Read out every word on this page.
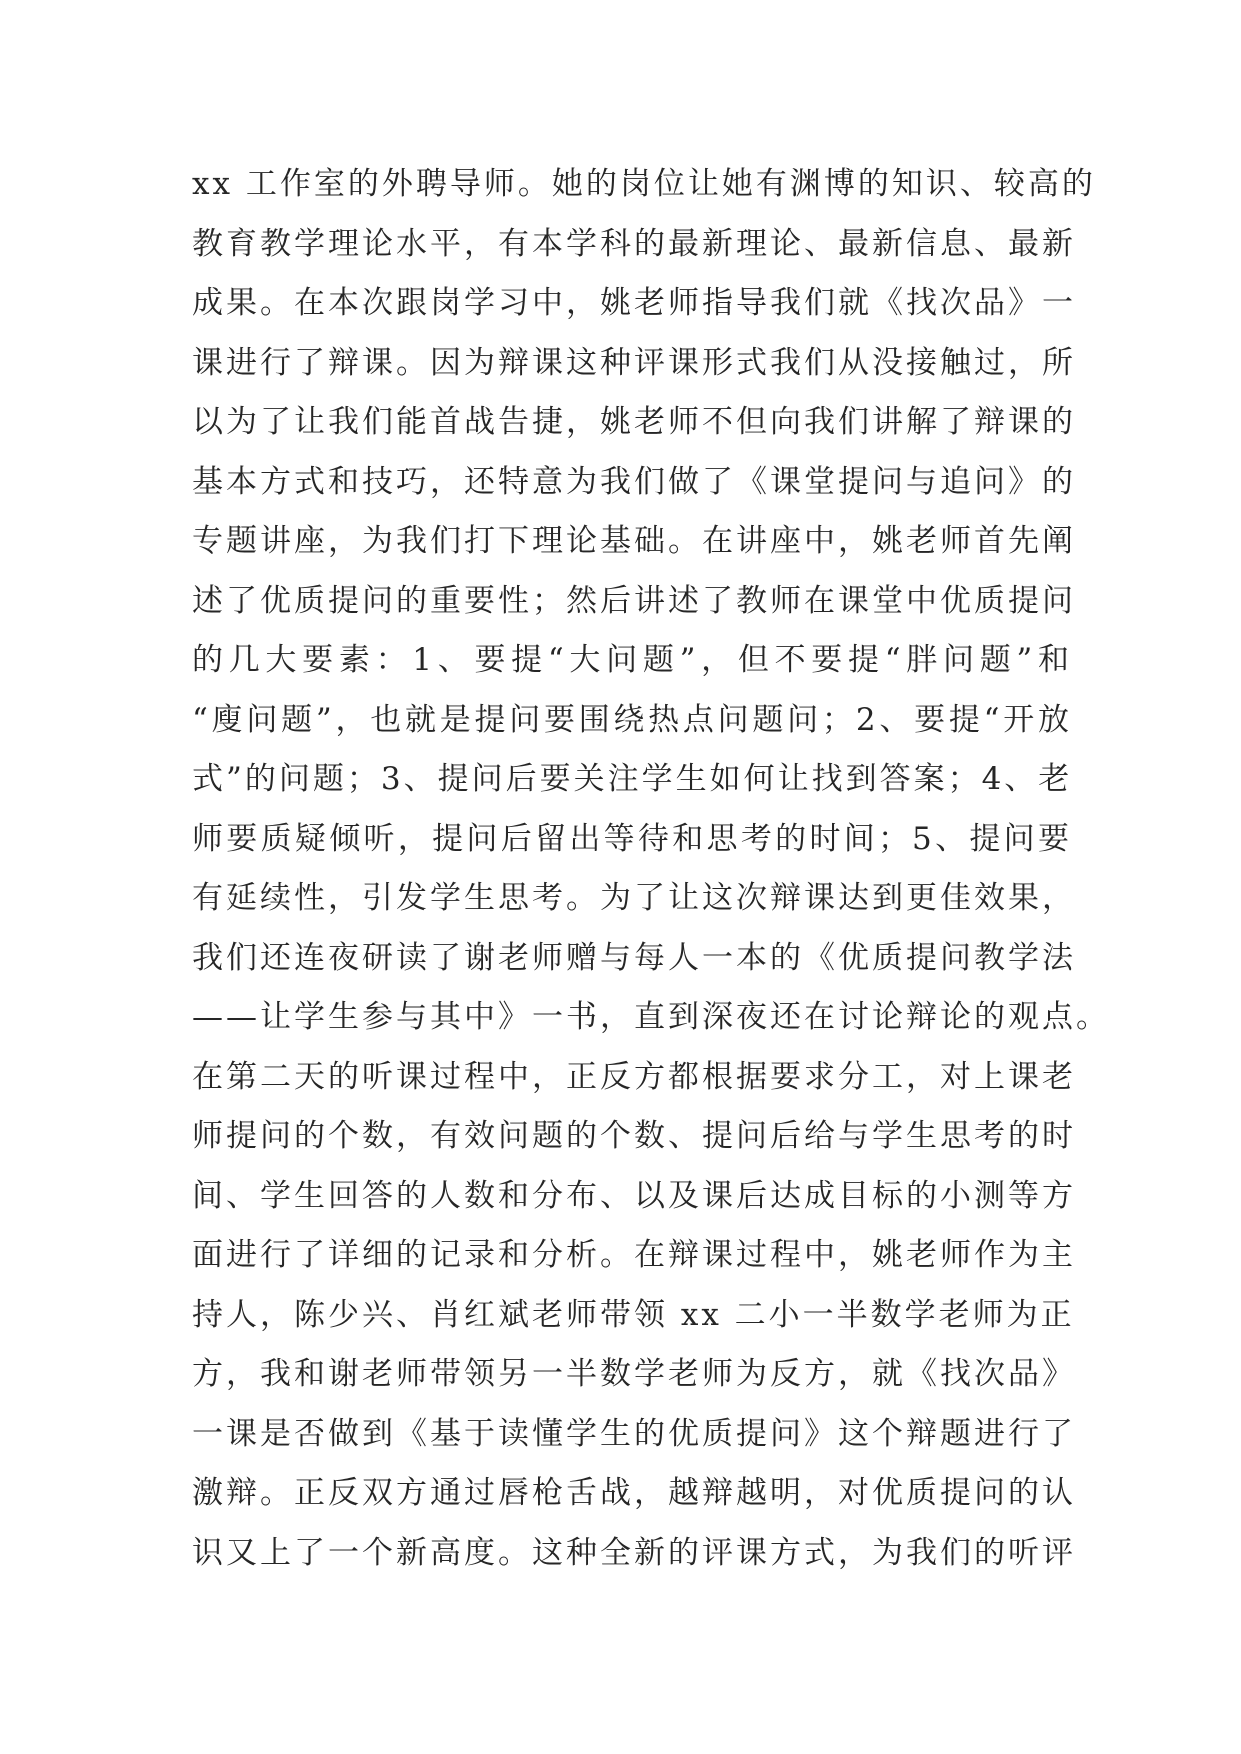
xx 工作室的外聘导师。她的岗位让她有渊博的知识、较高的
教育教学理论水平，有本学科的最新理论、最新信息、最新
成果。在本次跟岗学习中，姚老师指导我们就《找次品》一
课进行了辩课。因为辩课这种评课形式我们从没接触过，所
以为了让我们能首战告捷，姚老师不但向我们讲解了辩课的
基本方式和技巧，还特意为我们做了《课堂提问与追问》的
专题讲座，为我们打下理论基础。在讲座中，姚老师首先阐
述了优质提问的重要性；然后讲述了教师在课堂中优质提问
的几大要素：1、要提“大问题”，但不要提“胖问题”和
“廋问题”，也就是提问要围绕热点问题问；2、要提“开放
式”的问题；3、提问后要关注学生如何让找到答案；4、老
师要质疑倾听，提问后留出等待和思考的时间；5、提问要
有延续性，引发学生思考。为了让这次辩课达到更佳效果，
我们还连夜研读了谢老师赠与每人一本的《优质提问教学法
——让学生参与其中》一书，直到深夜还在讨论辩论的观点。
在第二天的听课过程中，正反方都根据要求分工，对上课老
师提问的个数，有效问题的个数、提问后给与学生思考的时
间、学生回答的人数和分布、以及课后达成目标的小测等方
面进行了详细的记录和分析。在辩课过程中，姚老师作为主
持人，陈少兴、肖红斌老师带领 xx 二小一半数学老师为正
方，我和谢老师带领另一半数学老师为反方，就《找次品》
一课是否做到《基于读懂学生的优质提问》这个辩题进行了
激辩。正反双方通过唇枪舌战，越辩越明，对优质提问的认
识又上了一个新高度。这种全新的评课方式，为我们的听评
